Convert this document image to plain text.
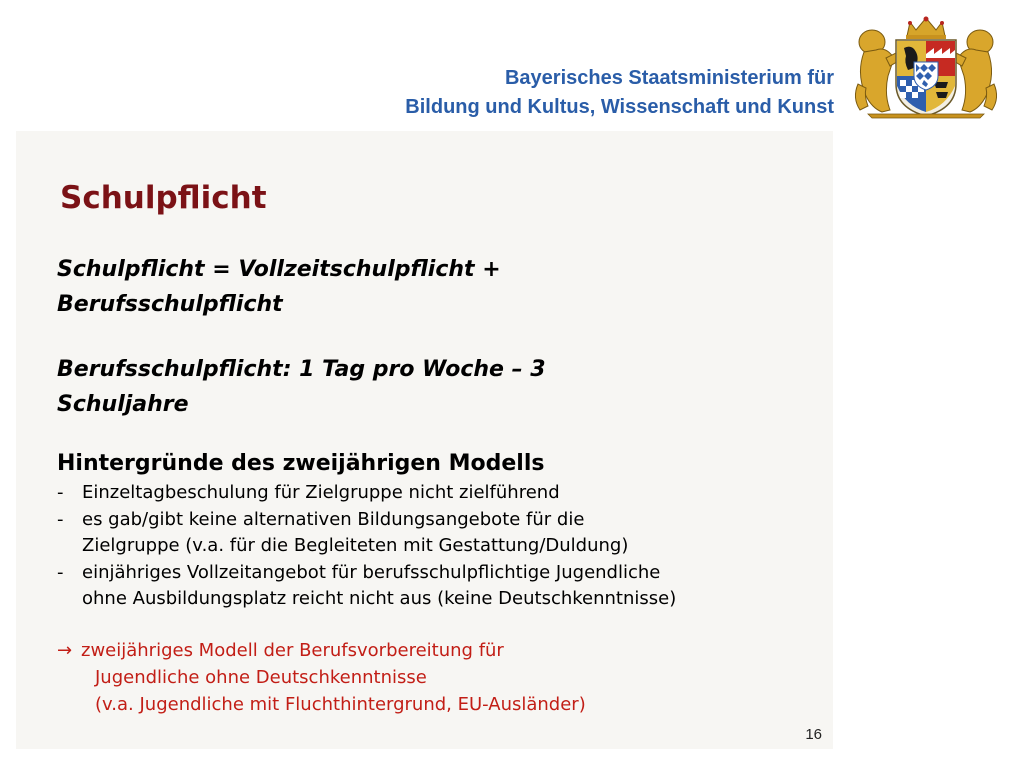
Bayerisches Staatsministerium für
Bildung und Kultus, Wissenschaft und Kunst
Schulpflicht

Schulpflicht = Vollzeitschulpflicht +
Berufsschulpflicht

Berufsschulpflicht: 1 Tag pro Woche – 3
Schuljahre

Hintergründe des zweijährigen Modells

-	Einzeltagbeschulung für Zielgruppe nicht zielführend
-	es gab/gibt keine alternativen Bildungsangebote für die
Zielgruppe (v.a. für die Begleiteten mit Gestattung/Duldung)
-	einjähriges Vollzeitangebot für berufsschulpflichtige Jugendliche
ohne Ausbildungsplatz reicht nicht aus (keine Deutschkenntnisse)
→ zweijähriges Modell der Berufsvorbereitung für
Jugendliche ohne Deutschkenntnisse
(v.a. Jugendliche mit Fluchthintergrund, EU-Ausländer)
16
